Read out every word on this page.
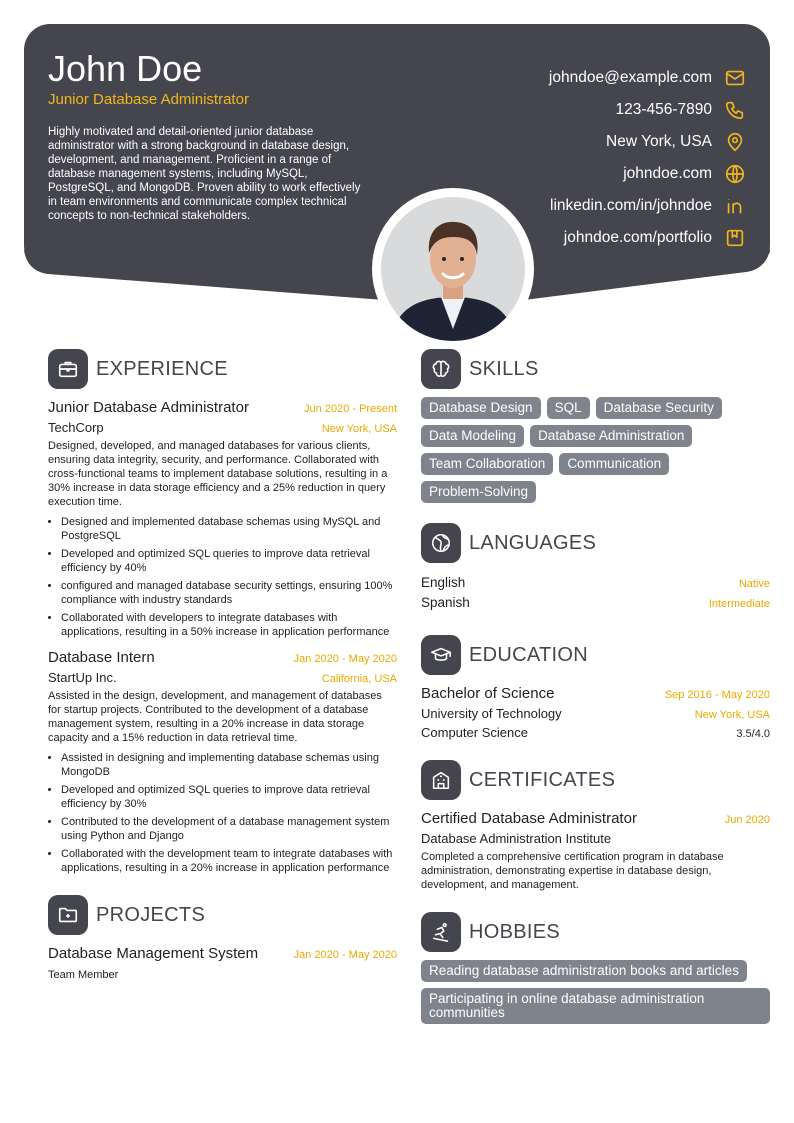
John Doe
Junior Database Administrator
Highly motivated and detail-oriented junior database administrator with a strong background in database design, development, and management. Proficient in a range of database management systems, including MySQL, PostgreSQL, and MongoDB. Proven ability to work effectively in team environments and communicate complex technical concepts to non-technical stakeholders.
johndoe@example.com
123-456-7890
New York, USA
johndoe.com
linkedin.com/in/johndoe
johndoe.com/portfolio
EXPERIENCE
Junior Database Administrator	Jun 2020 - Present
TechCorp	New York, USA
Designed, developed, and managed databases for various clients, ensuring data integrity, security, and performance. Collaborated with cross-functional teams to implement database solutions, resulting in a 30% increase in data storage efficiency and a 25% reduction in query execution time.
• Designed and implemented database schemas using MySQL and PostgreSQL
• Developed and optimized SQL queries to improve data retrieval efficiency by 40%
• configured and managed database security settings, ensuring 100% compliance with industry standards
• Collaborated with developers to integrate databases with applications, resulting in a 50% increase in application performance
Database Intern	Jan 2020 - May 2020
StartUp Inc.	California, USA
Assisted in the design, development, and management of databases for startup projects. Contributed to the development of a database management system, resulting in a 20% increase in data storage capacity and a 15% reduction in data retrieval time.
• Assisted in designing and implementing database schemas using MongoDB
• Developed and optimized SQL queries to improve data retrieval efficiency by 30%
• Contributed to the development of a database management system using Python and Django
• Collaborated with the development team to integrate databases with applications, resulting in a 20% increase in application performance
PROJECTS
Database Management System	Jan 2020 - May 2020
Team Member
SKILLS
Database Design	SQL	Database Security
Data Modeling	Database Administration
Team Collaboration	Communication
Problem-Solving
LANGUAGES
English	Native
Spanish	Intermediate
EDUCATION
Bachelor of Science	Sep 2016 - May 2020
University of Technology	New York, USA
Computer Science	3.5/4.0
CERTIFICATES
Certified Database Administrator	Jun 2020
Database Administration Institute
Completed a comprehensive certification program in database administration, demonstrating expertise in database design, development, and management.
HOBBIES
Reading database administration books and articles
Participating in online database administration communities
